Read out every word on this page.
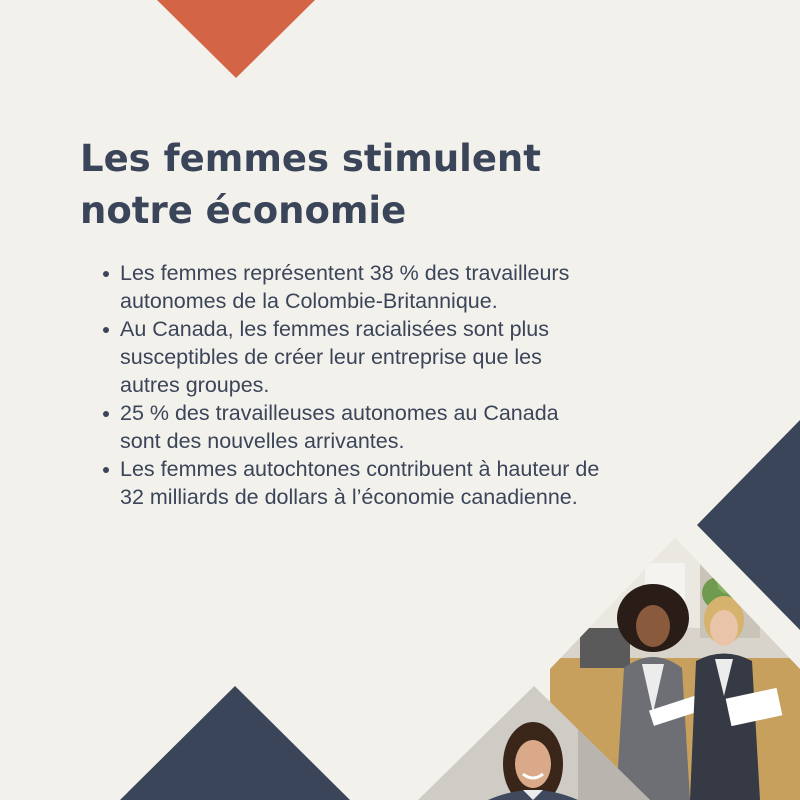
Les femmes stimulent
notre économie
Les femmes représentent 38 % des travailleurs
autonomes de la Colombie-Britannique.
Au Canada, les femmes racialisées sont plus
susceptibles de créer leur entreprise que les
autres groupes.
25 % des travailleuses autonomes au Canada
sont des nouvelles arrivantes.
Les femmes autochtones contribuent à hauteur de
32 milliards de dollars à l’économie canadienne.
